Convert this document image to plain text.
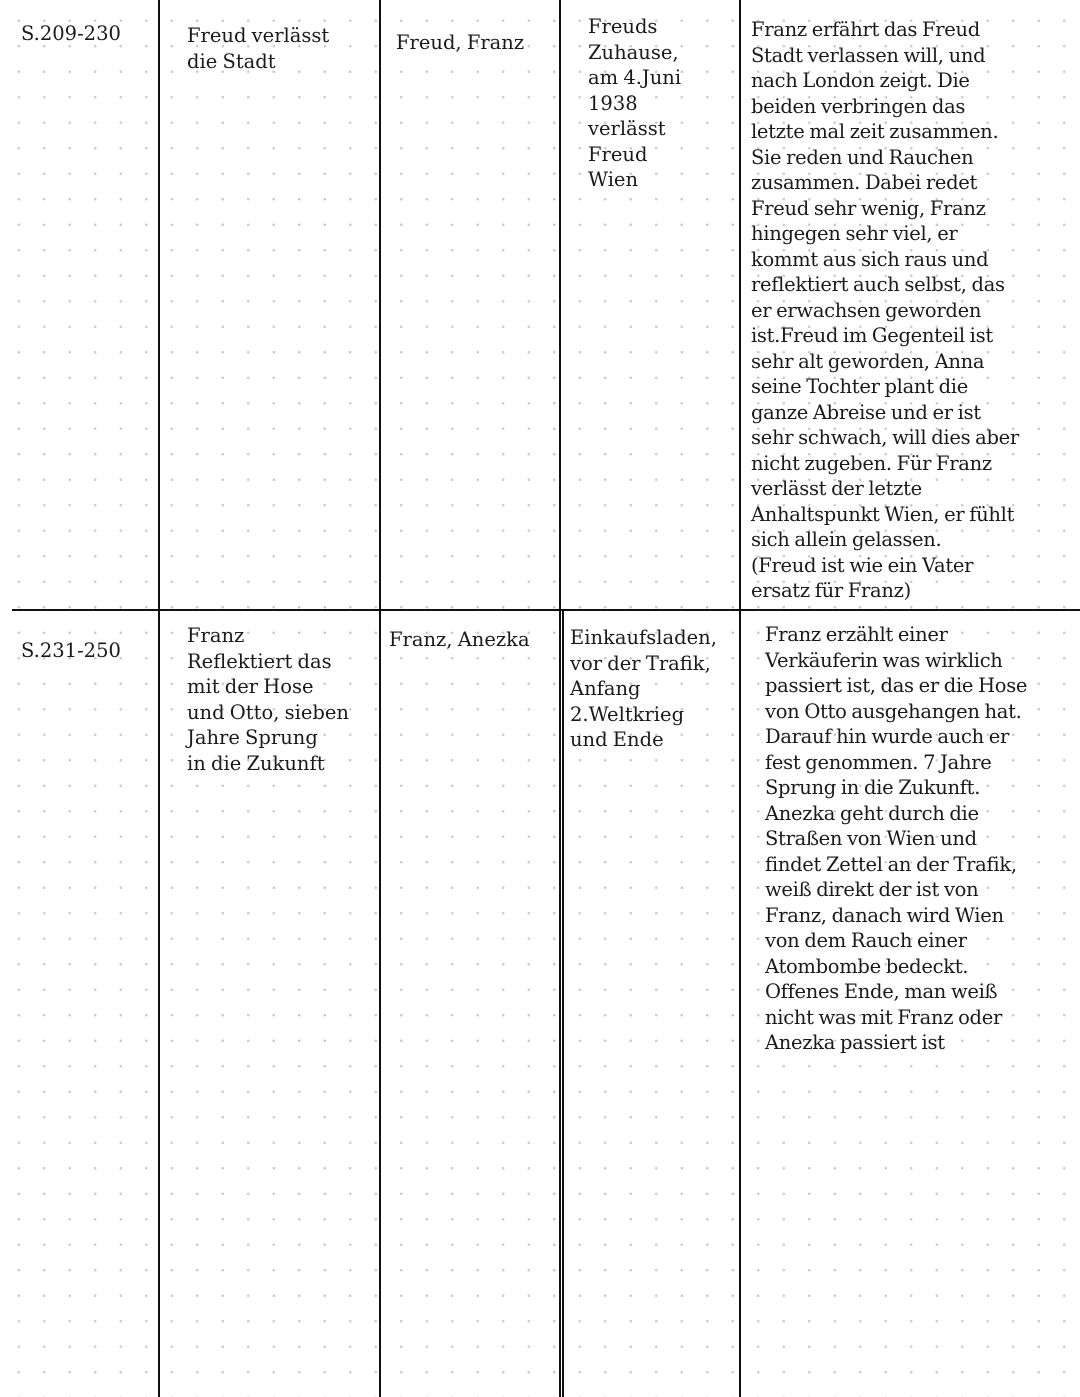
S.209-230	Freud verlässt
die Stadt
Freud, Franz
Freuds
Zuhause,
am 4.Juni
1938
verlässt
Freud
Wien
Franz erfährt das Freud
Stadt verlassen will, und
nach London zeigt. Die
beiden verbringen das
letzte mal zeit zusammen.
Sie reden und Rauchen
zusammen. Dabei redet
Freud sehr wenig, Franz
hingegen sehr viel, er
kommt aus sich raus und
reflektiert auch selbst, das
er erwachsen geworden
ist.Freud im Gegenteil ist
sehr alt geworden, Anna
seine Tochter plant die
ganze Abreise und er ist
sehr schwach, will dies aber
nicht zugeben. Für Franz
verlässt der letzte
Anhaltspunkt Wien, er fühlt
sich allein gelassen.
(Freud ist wie ein Vater
ersatz für Franz)
S.231-250
Franz
Reflektiert das
mit der Hose
und Otto, sieben
Jahre Sprung
in die Zukunft
Franz, Anezka Einkaufsladen,
vor der Trafik,
Anfang
2.Weltkrieg
und Ende
Franz erzählt einer
Verkäuferin was wirklich
passiert ist, das er die Hose
von Otto ausgehangen hat.
Darauf hin wurde auch er
fest genommen. 7 Jahre
Sprung in die Zukunft.
Anezka geht durch die
Straßen von Wien und
findet Zettel an der Trafik,
weiß direkt der ist von
Franz, danach wird Wien
von dem Rauch einer
Atombombe bedeckt.
Offenes Ende, man weiß
nicht was mit Franz oder
Anezka passiert ist
